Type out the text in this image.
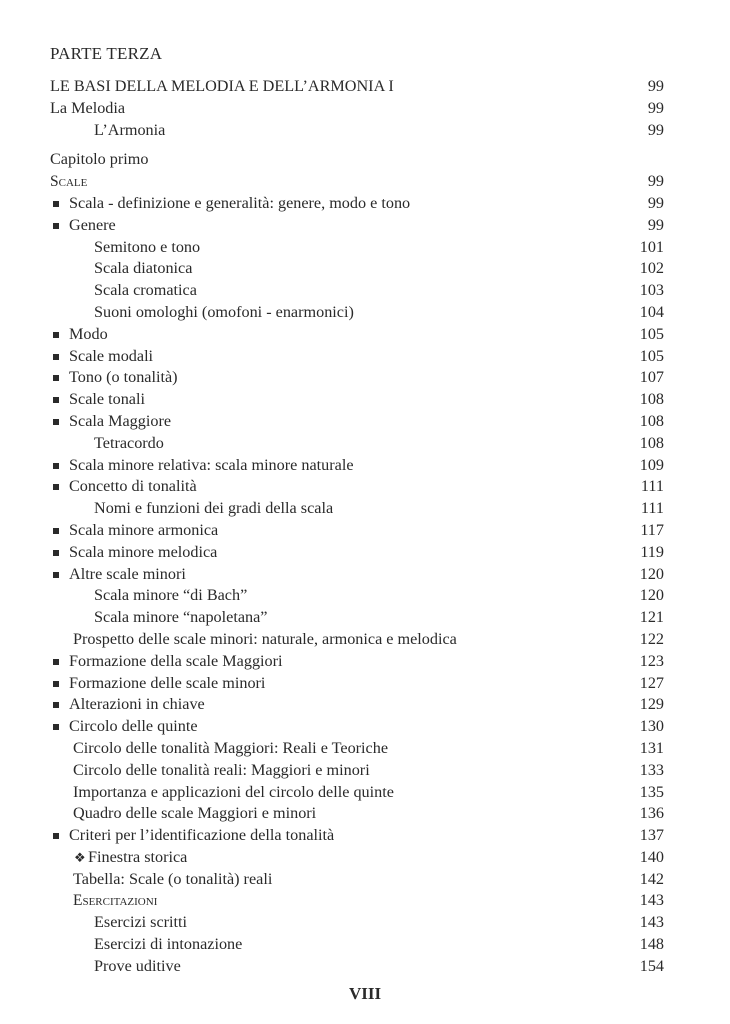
PARTE TERZA
LE BASI DELLA MELODIA E DELL’ARMONIA I	99
La Melodia	99
L’Armonia	99
Capitolo primo
Scale	99
Scala - definizione e generalità: genere, modo e tono	99
Genere	99
Semitono e tono	101
Scala diatonica	102
Scala cromatica	103
Suoni omologhi (omofoni - enarmonici)	104
Modo	105
Scale modali	105
Tono (o tonalità)	107
Scale tonali	108
Scala Maggiore	108
Tetracordo	108
Scala minore relativa: scala minore naturale	109
Concetto di tonalità	111
Nomi e funzioni dei gradi della scala	111
Scala minore armonica	117
Scala minore melodica	119
Altre scale minori	120
Scala minore “di Bach”	120
Scala minore “napoletana”	121
Prospetto delle scale minori: naturale, armonica e melodica	122
Formazione della scale Maggiori	123
Formazione delle scale minori	127
Alterazioni in chiave	129
Circolo delle quinte	130
Circolo delle tonalità Maggiori: Reali e Teoriche	131
Circolo delle tonalità reali: Maggiori e minori	133
Importanza e applicazioni del circolo delle quinte	135
Quadro delle scale Maggiori e minori	136
Criteri per l’identificazione della tonalità	137
❖ Finestra storica	140
Tabella: Scale (o tonalità) reali	142
Esercitazioni	143
Esercizi scritti	143
Esercizi di intonazione	148
Prove uditive	154
VIII
